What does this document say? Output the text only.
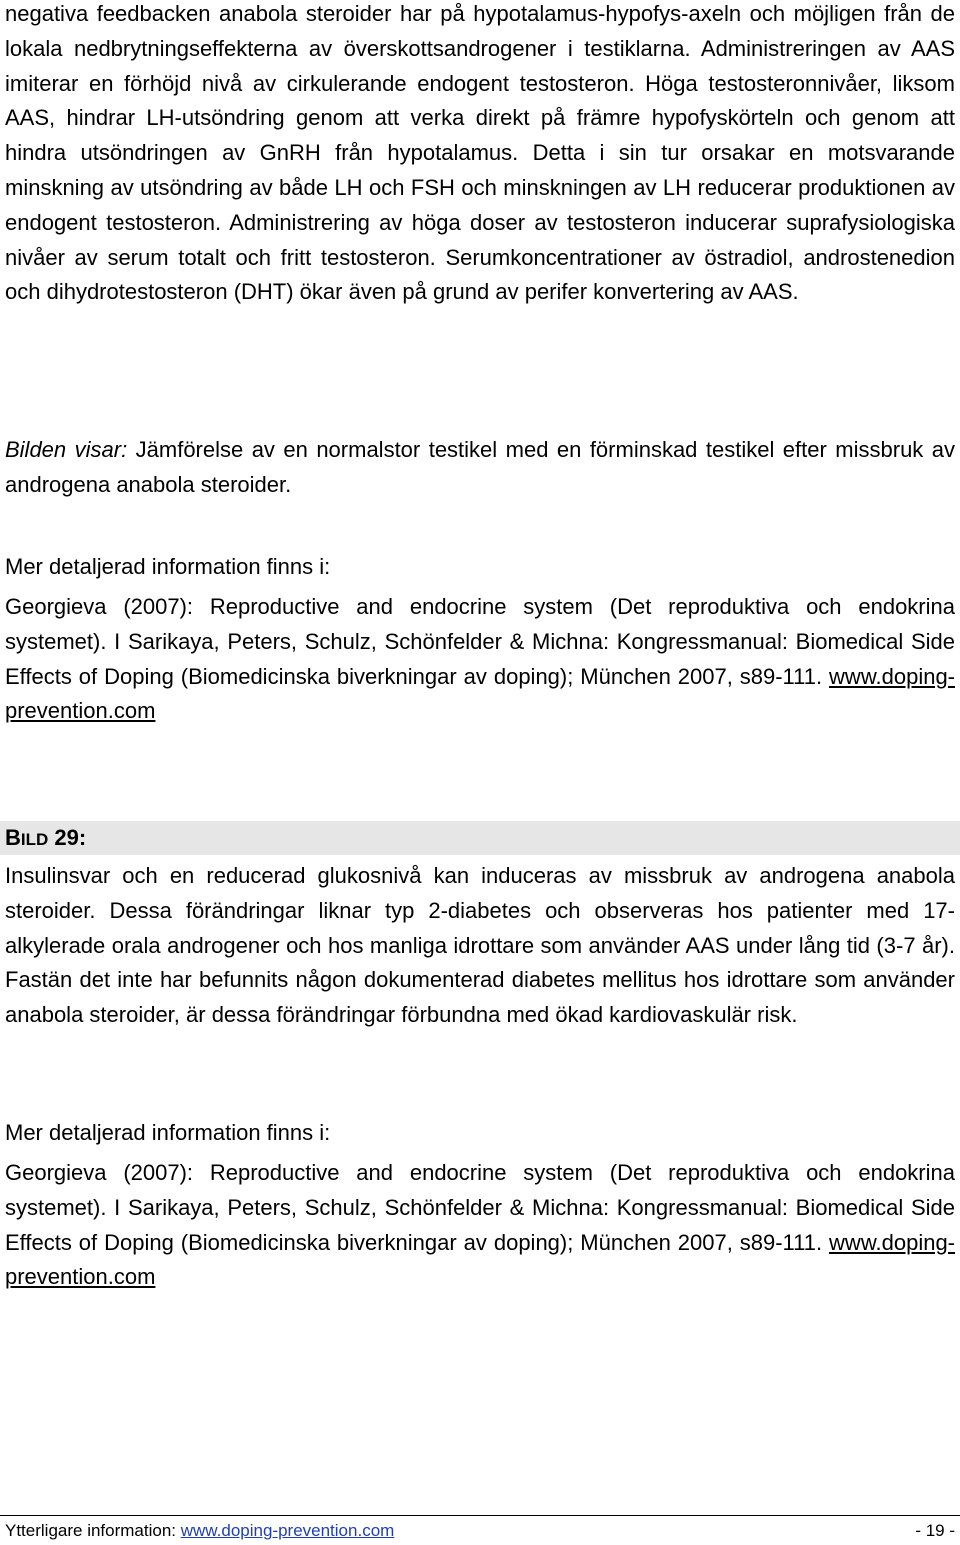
negativa feedbacken anabola steroider har på hypotalamus-hypofys-axeln och möjligen från de lokala nedbrytningseffekterna av överskottsandrogener i testiklarna. Administreringen av AAS imiterar en förhöjd nivå av cirkulerande endogent testosteron. Höga testosteronnivåer, liksom AAS, hindrar LH-utsöndring genom att verka direkt på främre hypofyskörteln och genom att hindra utsöndringen av GnRH från hypotalamus. Detta i sin tur orsakar en motsvarande minskning av utsöndring av både LH och FSH och minskningen av LH reducerar produktionen av endogent testosteron. Administrering av höga doser av testosteron inducerar suprafysiologiska nivåer av serum totalt och fritt testosteron. Serumkoncentrationer av östradiol, androstenedion och dihydrotestosteron (DHT) ökar även på grund av perifer konvertering av AAS.

Bilden visar: Jämförelse av en normalstor testikel med en förminskad testikel efter missbruk av androgena anabola steroider.

Mer detaljerad information finns i:

Georgieva (2007): Reproductive and endocrine system (Det reproduktiva och endokrina systemet). I Sarikaya, Peters, Schulz, Schönfelder & Michna: Kongressmanual: Biomedical Side Effects of Doping (Biomedicinska biverkningar av doping); München 2007, s89-111. www.doping-prevention.com

BILD 29:

Insulinsvar och en reducerad glukosnivå kan induceras av missbruk av androgena anabola steroider. Dessa förändringar liknar typ 2-diabetes och observeras hos patienter med 17-alkylerade orala androgener och hos manliga idrottare som använder AAS under lång tid (3-7 år). Fastän det inte har befunnits någon dokumenterad diabetes mellitus hos idrottare som använder anabola steroider, är dessa förändringar förbundna med ökad kardiovaskulär risk.

Mer detaljerad information finns i:

Georgieva (2007): Reproductive and endocrine system (Det reproduktiva och endokrina systemet). I Sarikaya, Peters, Schulz, Schönfelder & Michna: Kongressmanual: Biomedical Side Effects of Doping (Biomedicinska biverkningar av doping); München 2007, s89-111. www.doping-prevention.com

Ytterligare information: www.doping-prevention.com	- 19 -
